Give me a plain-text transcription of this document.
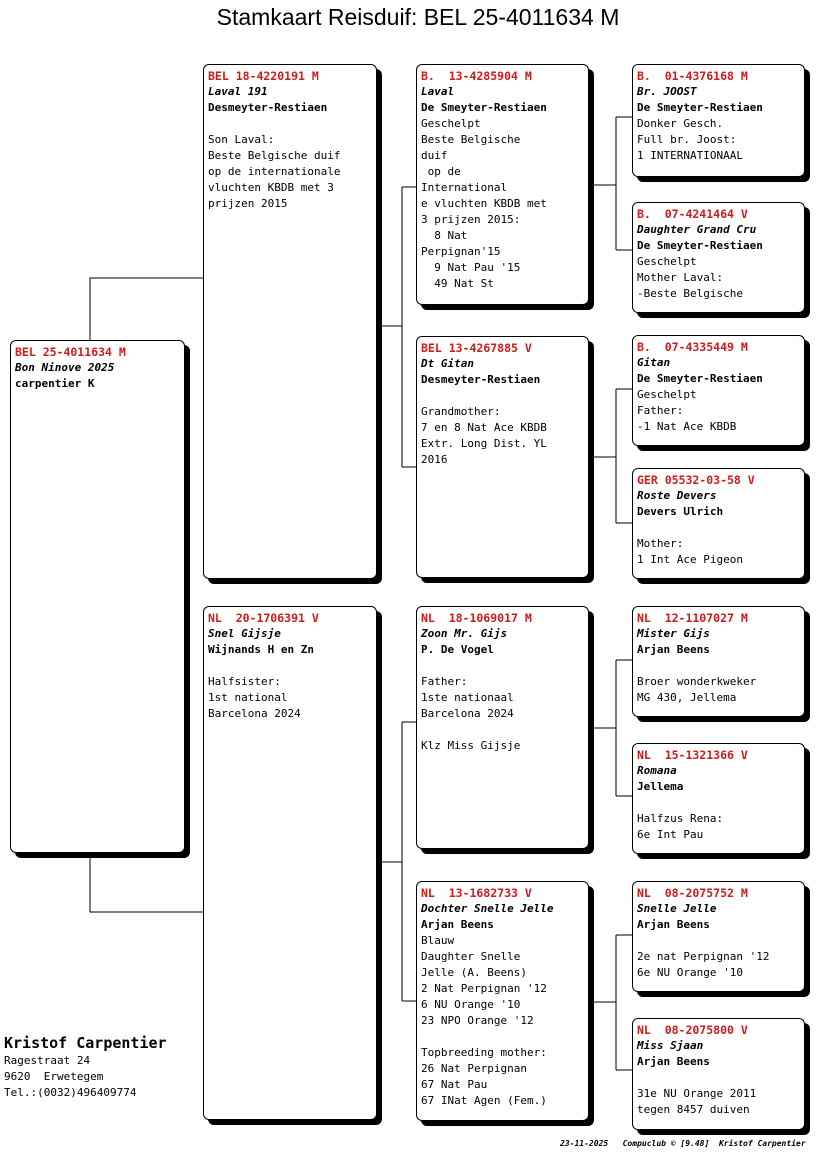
Stamkaart Reisduif: BEL 25-4011634 M
BEL 25-4011634 M
Bon Ninove 2025
carpentier K
BEL 18-4220191 M
Laval 191
Desmeyter-Restiaen

Son Laval:
Beste Belgische duif
op de internationale
vluchten KBDB met 3
prijzen 2015
NL  20-1706391 V
Snel Gijsje
Wijnands H en Zn

Halfsister:
1st national
Barcelona 2024
B.  13-4285904 M
Laval
De Smeyter-Restiaen
Geschelpt
Beste Belgische
duif
op de
International
e vluchten KBDB met
3 prijzen 2015:
8 Nat
Perpignan'15
9 Nat Pau '15
49 Nat St
BEL 13-4267885 V
Dt Gitan
Desmeyter-Restiaen

Grandmother:
7 en 8 Nat Ace KBDB
Extr. Long Dist. YL
2016
NL  18-1069017 M
Zoon Mr. Gijs
P. De Vogel

Father:
1ste nationaal
Barcelona 2024

Klz Miss Gijsje
NL  13-1682733 V
Dochter Snelle Jelle
Arjan Beens
Blauw
Daughter Snelle
Jelle (A. Beens)
2 Nat Perpignan '12
6 NU Orange '10
23 NPO Orange '12

Topbreeding mother:
26 Nat Perpignan
67 Nat Pau
67 INat Agen (Fem.)
B.  01-4376168 M
Br. JOOST
De Smeyter-Restiaen
Donker Gesch.
Full br. Joost:
1 INTERNATIONAAL
B.  07-4241464 V
Daughter Grand Cru
De Smeyter-Restiaen
Geschelpt
Mother Laval:
-Beste Belgische
B.  07-4335449 M
Gitan
De Smeyter-Restiaen
Geschelpt
Father:
-1 Nat Ace KBDB
GER 05532-03-58 V
Roste Devers
Devers Ulrich

Mother:
1 Int Ace Pigeon
NL  12-1107027 M
Mister Gijs
Arjan Beens

Broer wonderkweker
MG 430, Jellema
NL  15-1321366 V
Romana
Jellema

Halfzus Rena:
6e Int Pau
NL  08-2075752 M
Snelle Jelle
Arjan Beens

2e nat Perpignan '12
6e NU Orange '10
NL  08-2075800 V
Miss Sjaan
Arjan Beens

31e NU Orange 2011
tegen 8457 duiven
Kristof Carpentier
Ragestraat 24
9620  Erwetegem
Tel.:(0032)496409774
23-11-2025   Compuclub © [9.48]  Kristof Carpentier
